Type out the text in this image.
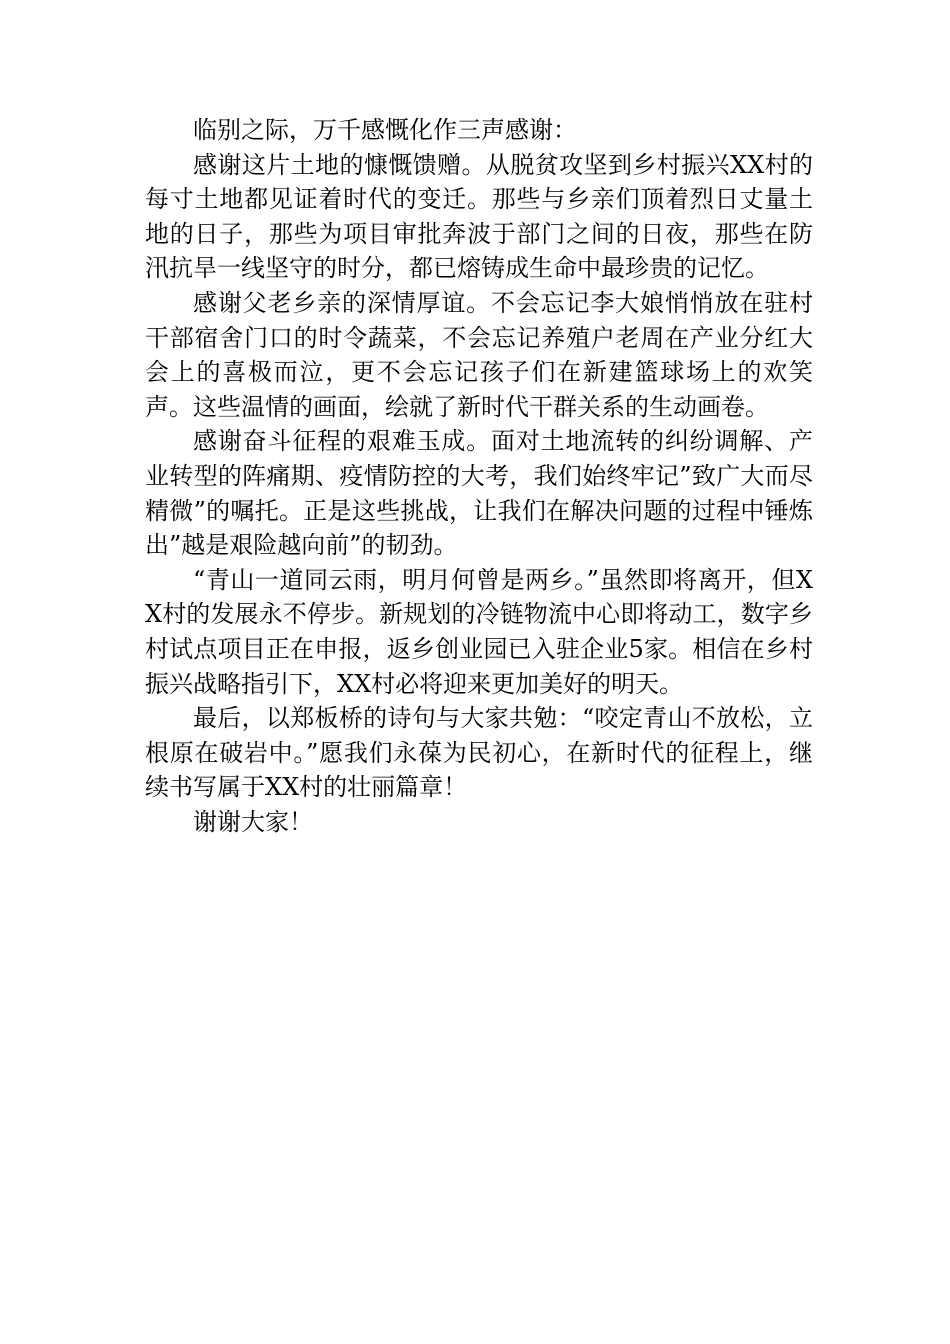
临别之际，万千感慨化作三声感谢：

感谢这片土地的慷慨馈赠。从脱贫攻坚到乡村振兴XX村的每寸土地都见证着时代的变迁。那些与乡亲们顶着烈日丈量土地的日子，那些为项目审批奔波于部门之间的日夜，那些在防汛抗旱一线坚守的时分，都已熔铸成生命中最珍贵的记忆。

感谢父老乡亲的深情厚谊。不会忘记李大娘悄悄放在驻村干部宿舍门口的时令蔬菜，不会忘记养殖户老周在产业分红大会上的喜极而泣，更不会忘记孩子们在新建篮球场上的欢笑声。这些温情的画面，绘就了新时代干群关系的生动画卷。

感谢奋斗征程的艰难玉成。面对土地流转的纠纷调解、产业转型的阵痛期、疫情防控的大考，我们始终牢记”致广大而尽精微”的嘱托。正是这些挑战，让我们在解决问题的过程中锤炼出”越是艰险越向前”的韧劲。

“青山一道同云雨，明月何曾是两乡。”虽然即将离开，但XX村的发展永不停步。新规划的冷链物流中心即将动工，数字乡村试点项目正在申报，返乡创业园已入驻企业5家。相信在乡村振兴战略指引下，XX村必将迎来更加美好的明天。

最后，以郑板桥的诗句与大家共勉：“咬定青山不放松，立根原在破岩中。”愿我们永葆为民初心，在新时代的征程上，继续书写属于XX村的壮丽篇章！

谢谢大家！
